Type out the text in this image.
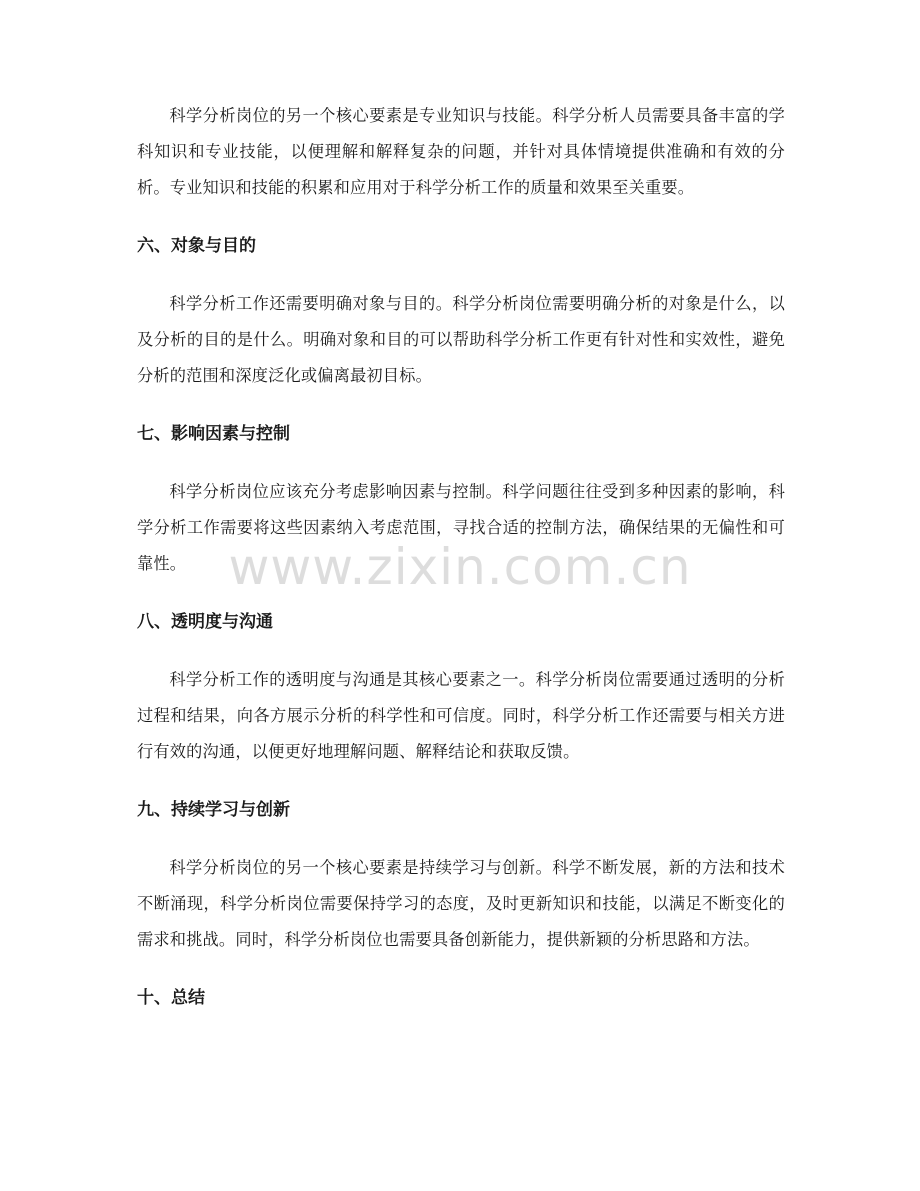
科学分析岗位的另一个核心要素是专业知识与技能。科学分析人员需要具备丰富的学科知识和专业技能，以便理解和解释复杂的问题，并针对具体情境提供准确和有效的分析。专业知识和技能的积累和应用对于科学分析工作的质量和效果至关重要。

六、对象与目的

科学分析工作还需要明确对象与目的。科学分析岗位需要明确分析的对象是什么，以及分析的目的是什么。明确对象和目的可以帮助科学分析工作更有针对性和实效性，避免分析的范围和深度泛化或偏离最初目标。

七、影响因素与控制

科学分析岗位应该充分考虑影响因素与控制。科学问题往往受到多种因素的影响，科学分析工作需要将这些因素纳入考虑范围，寻找合适的控制方法，确保结果的无偏性和可靠性。

八、透明度与沟通

科学分析工作的透明度与沟通是其核心要素之一。科学分析岗位需要通过透明的分析过程和结果，向各方展示分析的科学性和可信度。同时，科学分析工作还需要与相关方进行有效的沟通，以便更好地理解问题、解释结论和获取反馈。

九、持续学习与创新

科学分析岗位的另一个核心要素是持续学习与创新。科学不断发展，新的方法和技术不断涌现，科学分析岗位需要保持学习的态度，及时更新知识和技能，以满足不断变化的需求和挑战。同时，科学分析岗位也需要具备创新能力，提供新颖的分析思路和方法。

十、总结
www.zixin.com.cn
